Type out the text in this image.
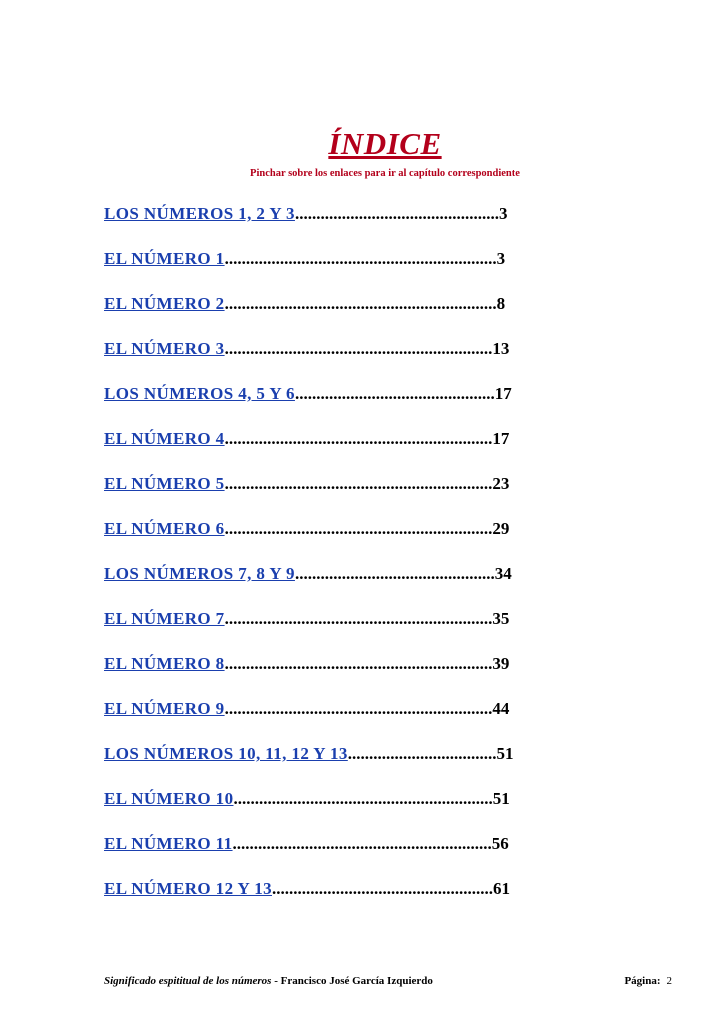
ÍNDICE
Pinchar sobre los enlaces para ir al capítulo correspondiente
LOS NÚMEROS 1, 2 Y 3................................................3
EL NÚMERO 1................................................................3
EL NÚMERO 2................................................................8
EL NÚMERO 3...............................................................13
LOS NÚMEROS 4, 5 Y 6...............................................17
EL NÚMERO 4...............................................................17
EL NÚMERO 5...............................................................23
EL NÚMERO 6...............................................................29
LOS NÚMEROS 7, 8 Y 9...............................................34
EL NÚMERO 7...............................................................35
EL NÚMERO 8...............................................................39
EL NÚMERO 9...............................................................44
LOS NÚMEROS 10, 11, 12 Y 13...................................51
EL NÚMERO 10.............................................................51
EL NÚMERO 11.............................................................56
EL NÚMERO 12 Y 13....................................................61
Significado espititual de los números - Francisco José García Izquierdo	Página: 2
